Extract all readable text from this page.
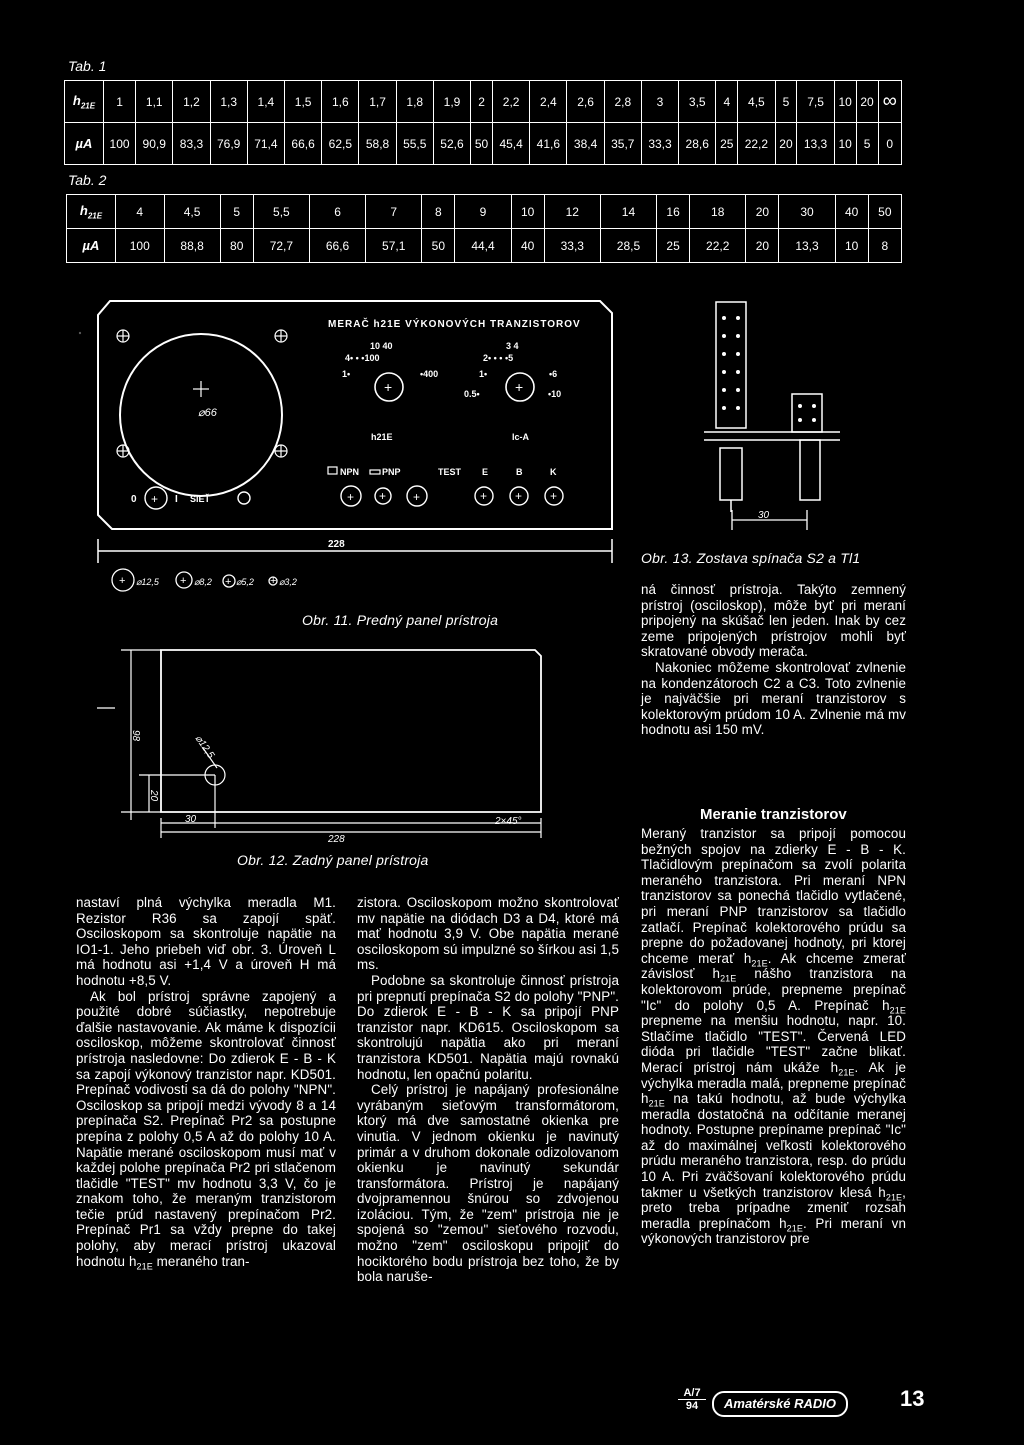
Tab. 1
$h_{21E}$	1	1,1	1,2	1,3	1,4	1,5	1,6	1,7	1,8	1,9	2	2,2	2,4	2,6	2,8	3	3,5	4	4,5	5	7,5	10	20	∞
µA	100	90,9	83,3	76,9	71,4	66,6	62,5	58,8	55,5	52,6	50	45,4	41,6	38,4	35,7	33,3	28,6	25	22,2	20	13,3	10	5	0
Tab. 2
$h_{21E}$	4	4,5	5	5,5	6	7	8	9	10	12	14	16	18	20	30	40	50
µA	100	88,8	80	72,7	66,6	57,1	50	44,4	40	33,3	28,5	25	22,2	20	13,3	10	8
⌀66
MERAČ h21E VÝKONOVÝCH TRANZISTOROV
+
10 40
4• • •100
1•	•400
+
3 4
2• • • •5
1•	•6
0.5•	•10
h21E	Ic-A
NPN	PNP	TEST E	B	K
+ + +	+ + +
+
0	I SIEŤ
228
+	+	+	+
⌀12,5	⌀8,2	⌀5,2	⌀3,2
Obr. 11. Predný panel prístroja
30
Obr. 13. Zostava spínača S2 a Tl1
98
20
30
228
⌀12,5
2×45°
Obr. 12. Zadný panel prístroja

nastaví plná výchylka meradla M1. Rezistor R36 sa zapojí späť. Osciloskopom sa skontroluje napätie na IO1-1. Jeho priebeh viď obr. 3. Úroveň L má hodnotu asi +1,4 V a úroveň H má hodnotu +8,5 V.

Ak bol prístroj správne zapojený a použité dobré súčiastky, nepotrebuje ďalšie nastavovanie. Ak máme k dispozícii osciloskop, môžeme skontrolovať činnosť prístroja nasledovne: Do zdierok E - B - K sa zapojí výkonový tranzistor napr. KD501. Prepínač vodivosti sa dá do polohy "NPN". Osciloskop sa pripojí medzi vývody 8 a 14 prepínača S2. Prepínač Pr2 sa postupne prepína z polohy 0,5 A až do polohy 10 A. Napätie merané osciloskopom musí mať v každej polohe prepínača Pr2 pri stlačenom tlačidle "TEST" mv hodnotu 3,3 V, čo je znakom toho, že meraným tranzistorom tečie prúd nastavený prepínačom Pr2. Prepínač Pr1 sa vždy prepne do takej polohy, aby merací prístroj ukazoval hodnotu $h_{21E}$ meraného tran-

zistora. Osciloskopom možno skontrolovať mv napätie na diódach D3 a D4, ktoré má mať hodnotu 3,9 V. Obe napätia merané osciloskopom sú impulzné so šírkou asi 1,5 ms.

Podobne sa skontroluje činnosť prístroja pri prepnutí prepínača S2 do polohy "PNP". Do zdierok E - B - K sa pripojí PNP tranzistor napr. KD615. Osciloskopom sa skontrolujú napätia ako pri meraní tranzistora KD501. Napätia majú rovnakú hodnotu, len opačnú polaritu.

Celý prístroj je napájaný profesionálne vyrábaným sieťovým transformátorom, ktorý má dve samostatné okienka pre vinutia. V jednom okienku je navinutý primár a v druhom dokonale odizolovanom okienku je navinutý sekundár transformátora. Prístroj je napájaný dvojpramennou šnúrou so zdvojenou izoláciou. Tým, že "zem" prístroja nie je spojená so "zemou" sieťového rozvodu, možno "zem" osciloskopu pripojiť do hociktorého bodu prístroja bez toho, že by bola naruše-

ná činnosť prístroja. Takýto zemnený prístroj (osciloskop), môže byť pri meraní pripojený na skúšač len jeden. Inak by cez zeme pripojených prístrojov mohli byť skratované obvody merača.

Nakoniec môžeme skontrolovať zvlnenie na kondenzátoroch C2 a C3. Toto zvlnenie je najväčšie pri meraní tranzistorov s kolektorovým prúdom 10 A. Zvlnenie má mv hodnotu asi 150 mV.

Meranie tranzistorov

Meraný tranzistor sa pripojí pomocou bežných spojov na zdierky E - B - K. Tlačidlovým prepínačom sa zvolí polarita meraného tranzistora. Pri meraní NPN tranzistorov sa ponechá tlačidlo vytlačené, pri meraní PNP tranzistorov sa tlačidlo zatlačí. Prepínač kolektorového prúdu sa prepne do požadovanej hodnoty, pri ktorej chceme merať $h_{21E}$. Ak chceme zmerať závislosť $h_{21E}$ nášho tranzistora na kolektorovom prúde, prepneme prepínač "Ic" do polohy 0,5 A. Prepínač $h_{21E}$ prepneme na menšiu hodnotu, napr. 10. Stlačíme tlačidlo "TEST". Červená LED dióda pri tlačidle "TEST" začne blikať. Merací prístroj nám ukáže $h_{21E}$. Ak je výchylka meradla malá, prepneme prepínač $h_{21E}$ na takú hodnotu, až bude výchylka meradla dostatočná na odčítanie meranej hodnoty. Postupne prepíname prepínač "Ic" až do maximálnej veľkosti kolektorového prúdu meraného tranzistora, resp. do prúdu 10 A. Pri zväčšovaní kolektorového prúdu takmer u všetkých tranzistorov klesá $h_{21E}$, preto treba prípadne zmeniť rozsah meradla prepínačom $h_{21E}$. Pri meraní vn výkonových tranzistorov pre

A/7
94	Amatérské RADIO	13
